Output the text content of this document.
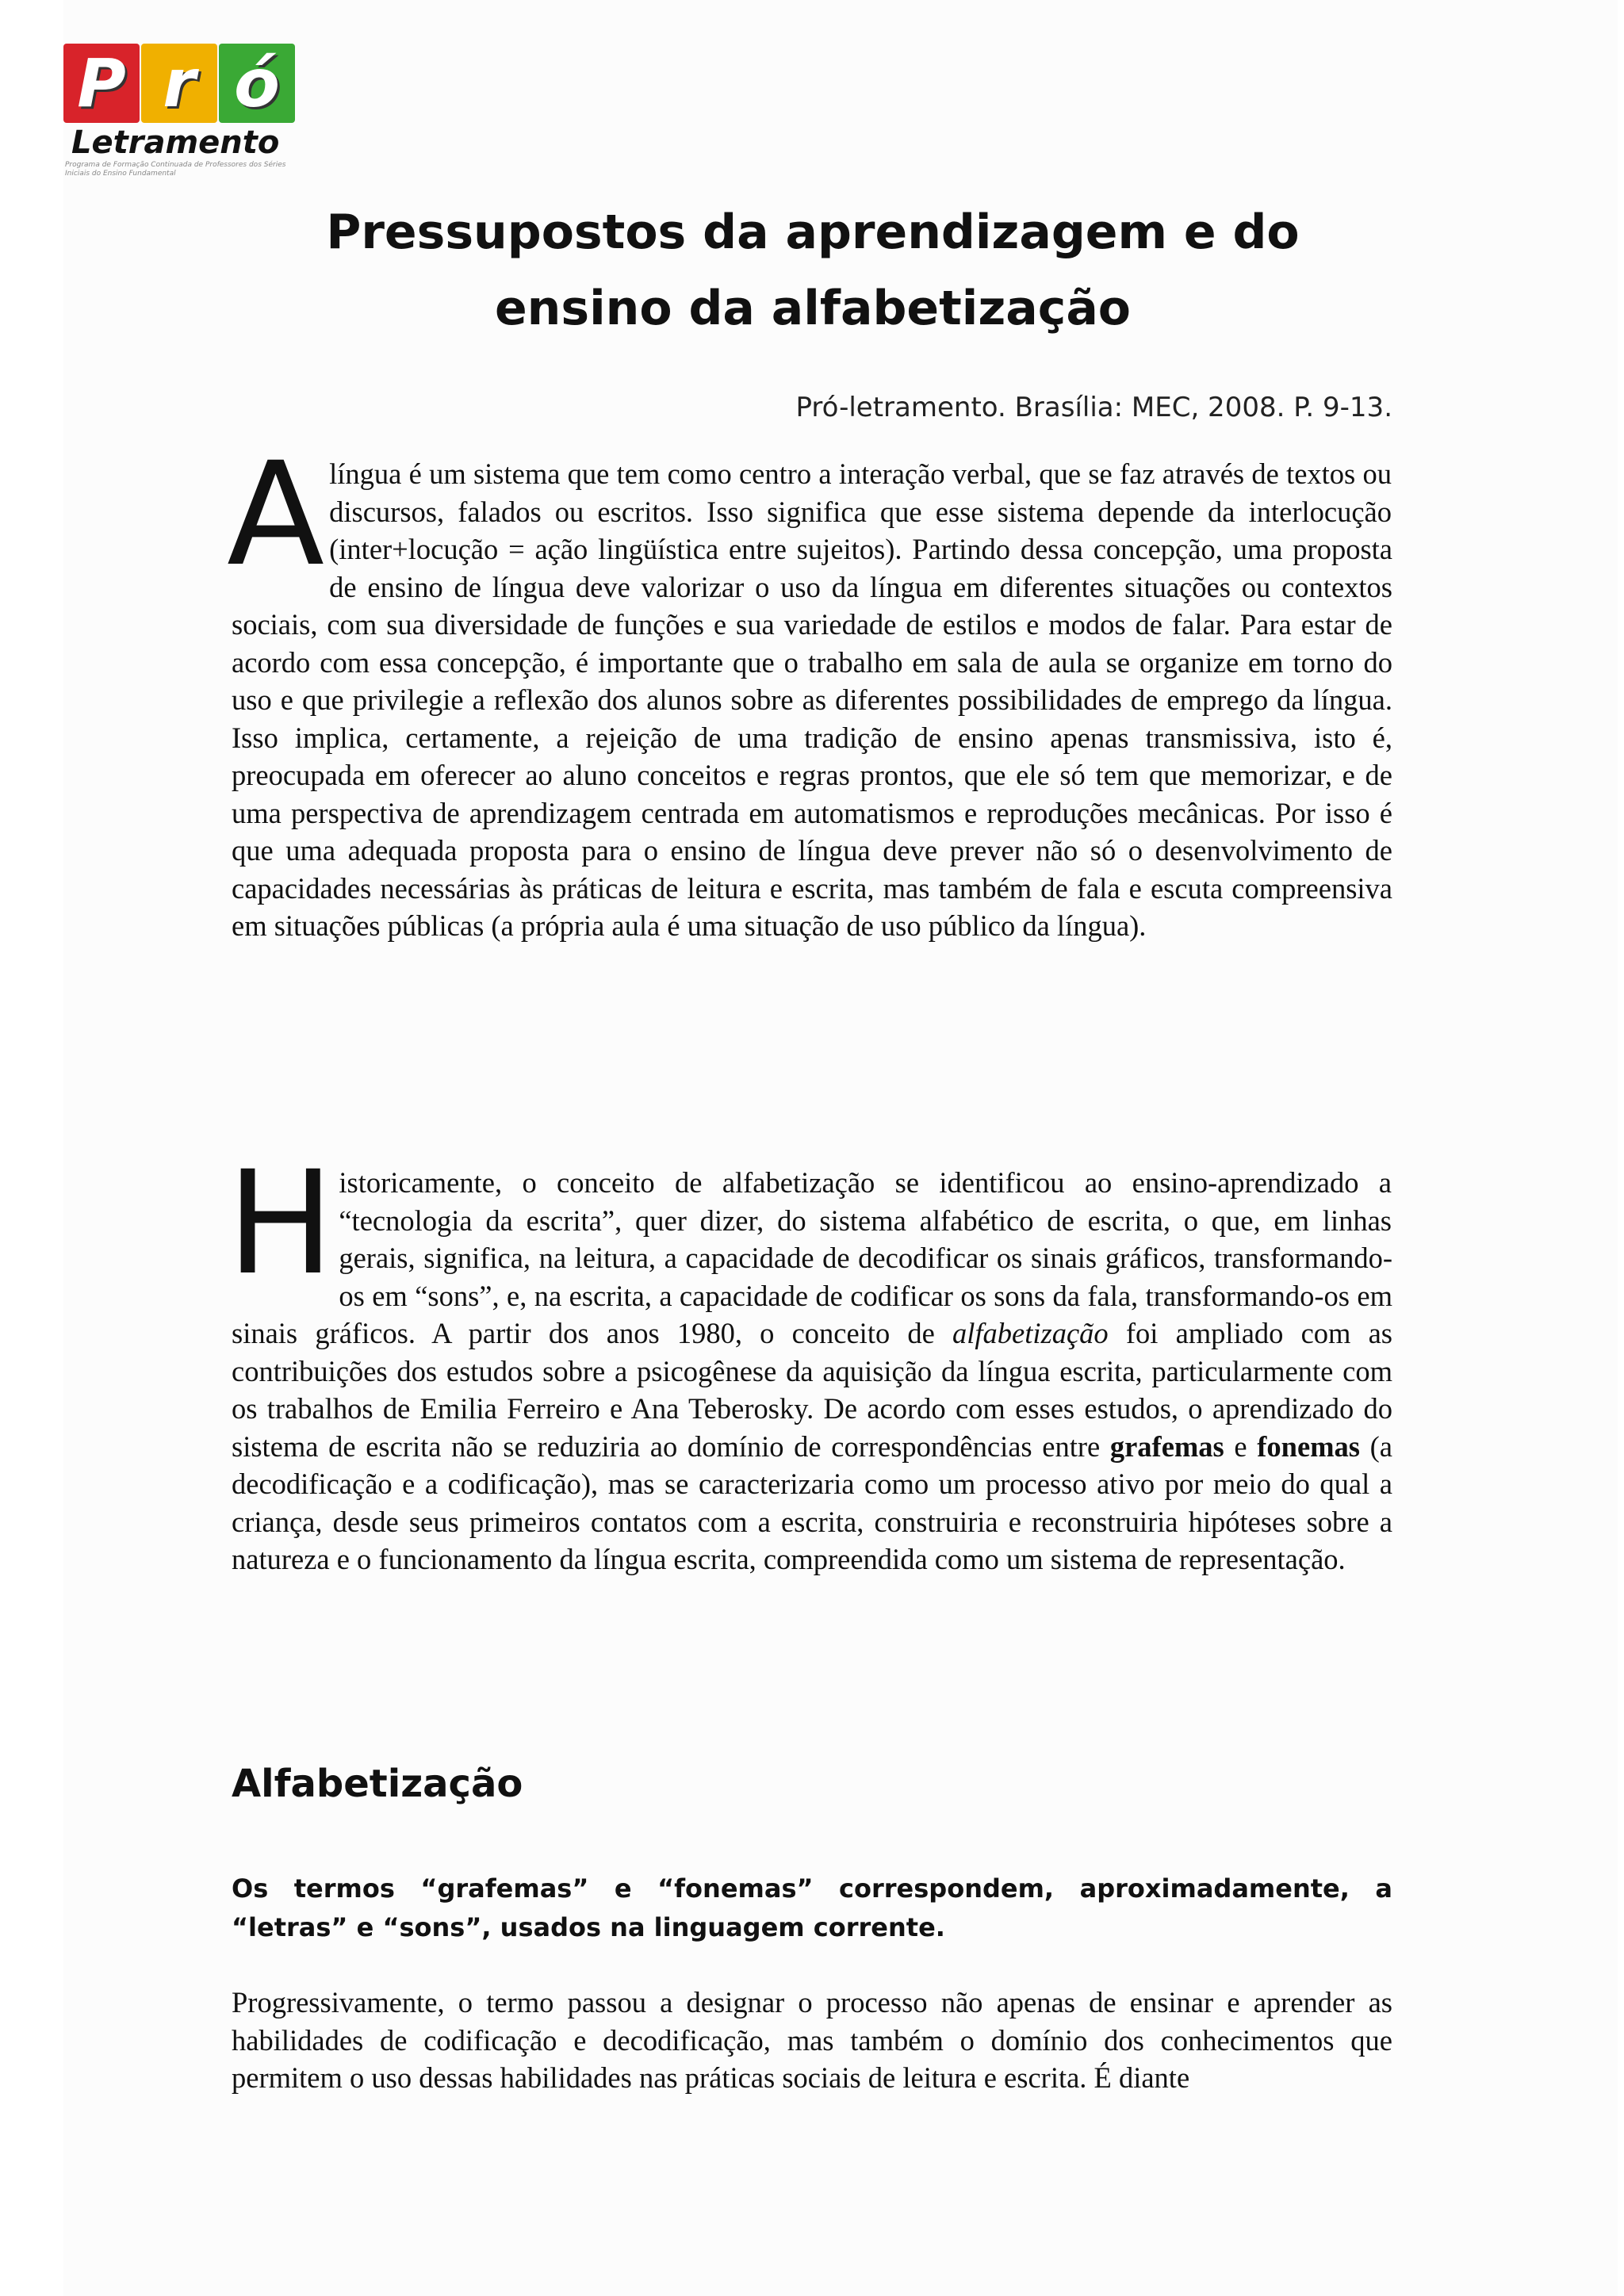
P r ó
Letramento
Programa de Formação Continuada de Professores dos Séries Iniciais do Ensino Fundamental
Pressupostos da aprendizagem e do ensino da alfabetização
Pró-letramento. Brasília: MEC, 2008. P. 9-13.

A língua é um sistema que tem como centro a interação verbal, que se faz através de textos ou discursos, falados ou escritos. Isso significa que esse sistema depende da interlocução (inter+locução = ação lingüística entre sujeitos). Partindo dessa concepção, uma proposta de ensino de língua deve valorizar o uso da língua em diferentes situações ou contextos sociais, com sua diversidade de funções e sua variedade de estilos e modos de falar. Para estar de acordo com essa concepção, é importante que o trabalho em sala de aula se organize em torno do uso e que privilegie a reflexão dos alunos sobre as diferentes possibilidades de emprego da língua. Isso implica, certamente, a rejeição de uma tradição de ensino apenas transmissiva, isto é, preocupada em oferecer ao aluno conceitos e regras prontos, que ele só tem que memorizar, e de uma perspectiva de aprendizagem centrada em automatismos e reproduções mecânicas. Por isso é que uma adequada proposta para o ensino de língua deve prever não só o desenvolvimento de capacidades necessárias às práticas de leitura e escrita, mas também de fala e escuta compreensiva em situações públicas (a própria aula é uma situação de uso público da língua).

H istoricamente, o conceito de alfabetização se identificou ao ensino-aprendizado a “tecnologia da escrita”, quer dizer, do sistema alfabético de escrita, o que, em linhas gerais, significa, na leitura, a capacidade de decodificar os sinais gráficos, transformando-os em “sons”, e, na escrita, a capacidade de codificar os sons da fala, transformando-os em sinais gráficos. A partir dos anos 1980, o conceito de alfabetização foi ampliado com as contribuições dos estudos sobre a psicogênese da aquisição da língua escrita, particularmente com os trabalhos de Emilia Ferreiro e Ana Teberosky. De acordo com esses estudos, o aprendizado do sistema de escrita não se reduziria ao domínio de correspondências entre grafemas e fonemas (a decodificação e a codificação), mas se caracterizaria como um processo ativo por meio do qual a criança, desde seus primeiros contatos com a escrita, construiria e reconstruiria hipóteses sobre a natureza e o funcionamento da língua escrita, compreendida como um sistema de representação.

Alfabetização

Os termos “grafemas” e “fonemas” correspondem, aproximadamente, a “letras” e “sons”, usados na linguagem corrente.

Progressivamente, o termo passou a designar o processo não apenas de ensinar e aprender as habilidades de codificação e decodificação, mas também o domínio dos conhecimentos que permitem o uso dessas habilidades nas práticas sociais de leitura e escrita. É diante
